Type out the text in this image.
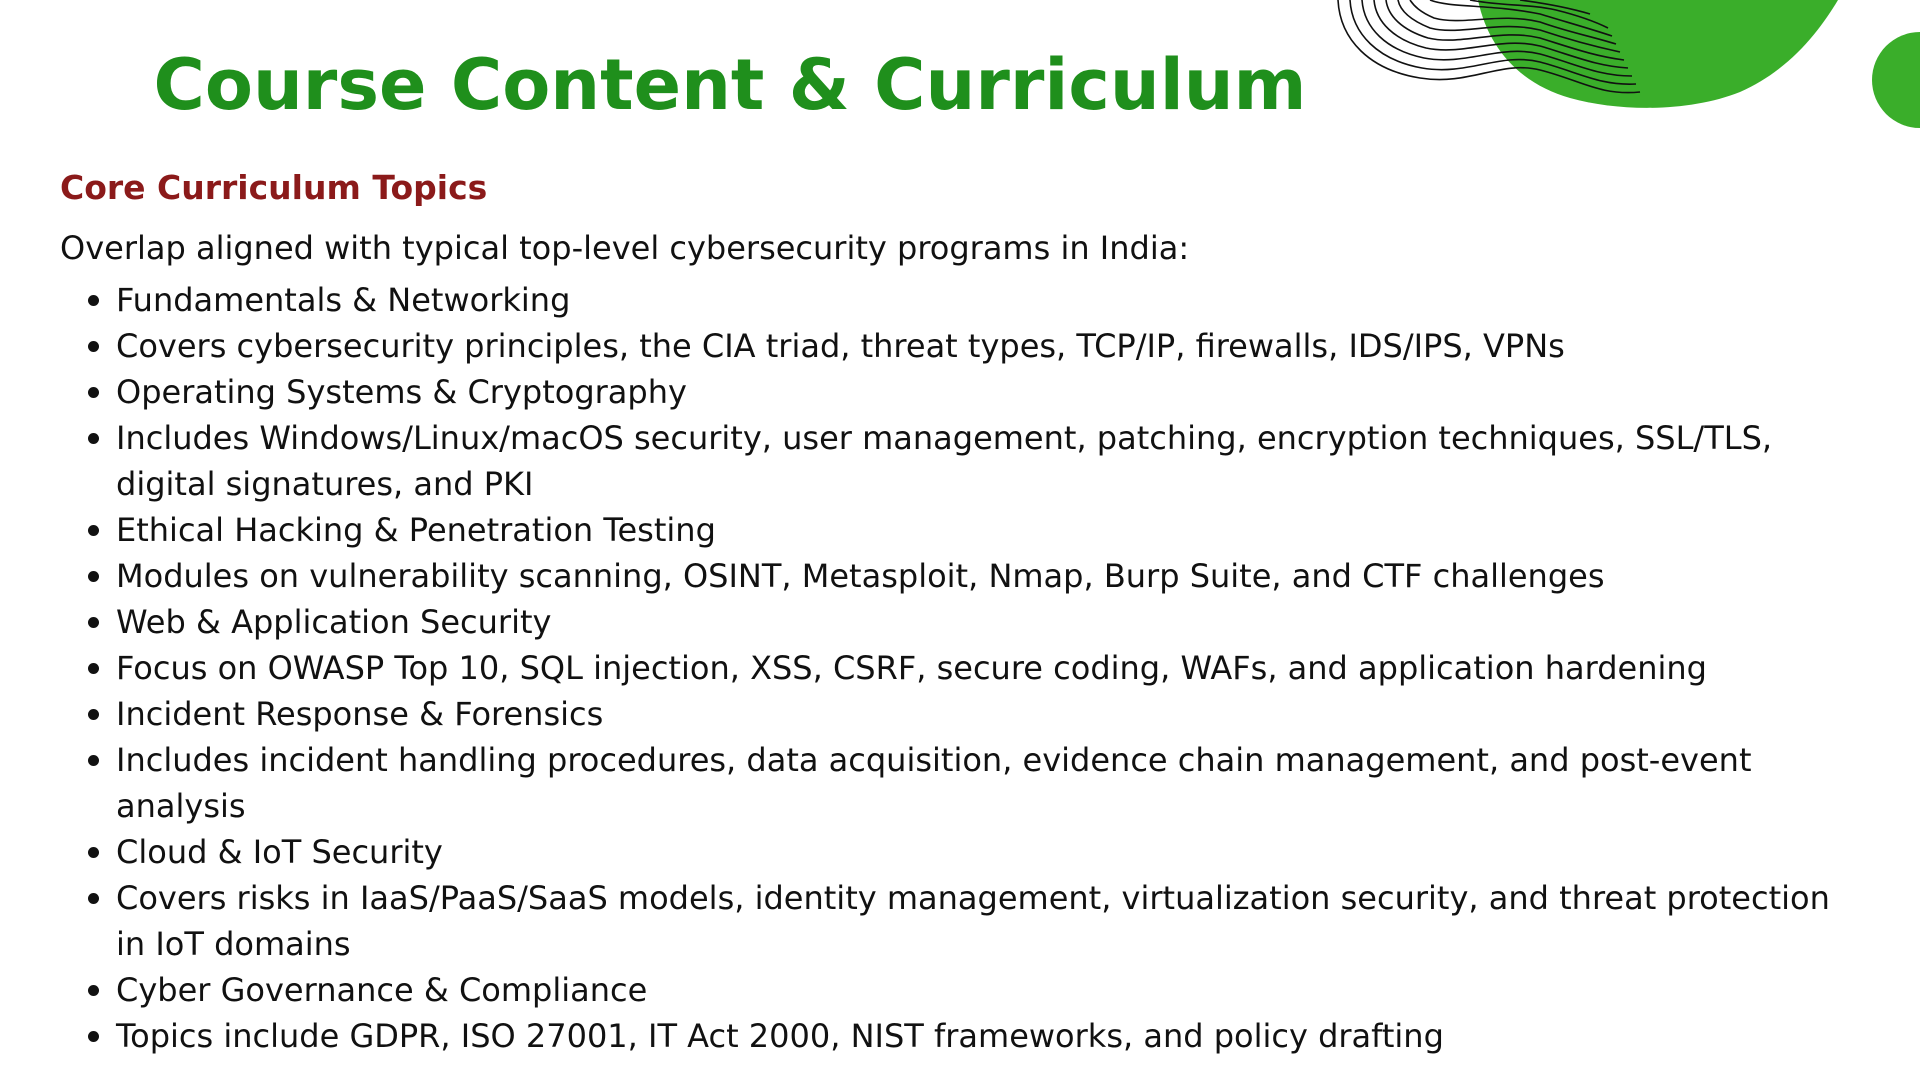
Course Content & Curriculum
Core Curriculum Topics
Overlap aligned with typical top-level cybersecurity programs in India:
Fundamentals & Networking
Covers cybersecurity principles, the CIA triad, threat types, TCP/IP, firewalls, IDS/IPS, VPNs
Operating Systems & Cryptography
Includes Windows/Linux/macOS security, user management, patching, encryption techniques, SSL/TLS, digital signatures, and PKI
Ethical Hacking & Penetration Testing
Modules on vulnerability scanning, OSINT, Metasploit, Nmap, Burp Suite, and CTF challenges
Web & Application Security
Focus on OWASP Top 10, SQL injection, XSS, CSRF, secure coding, WAFs, and application hardening
Incident Response & Forensics
Includes incident handling procedures, data acquisition, evidence chain management, and post-event analysis
Cloud & IoT Security
Covers risks in IaaS/PaaS/SaaS models, identity management, virtualization security, and threat protection in IoT domains
Cyber Governance & Compliance
Topics include GDPR, ISO 27001, IT Act 2000, NIST frameworks, and policy drafting
